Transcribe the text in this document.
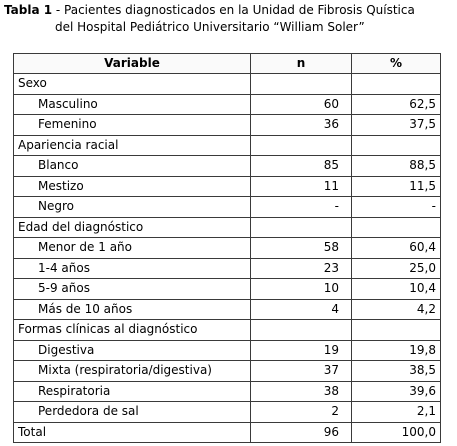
Tabla 1 - Pacientes diagnosticados en la Unidad de Fibrosis Quística
del Hospital Pediátrico Universitario “William Soler”
Variable	n	%
Sexo		
Masculino	60	62,5
Femenino	36	37,5
Apariencia racial		
Blanco	85	88,5
Mestizo	11	11,5
Negro	-	-
Edad del diagnóstico		
Menor de 1 año	58	60,4
1-4 años	23	25,0
5-9 años	10	10,4
Más de 10 años	4	4,2
Formas clínicas al diagnóstico		
Digestiva	19	19,8
Mixta (respiratoria/digestiva)	37	38,5
Respiratoria	38	39,6
Perdedora de sal	2	2,1
Total	96	100,0
